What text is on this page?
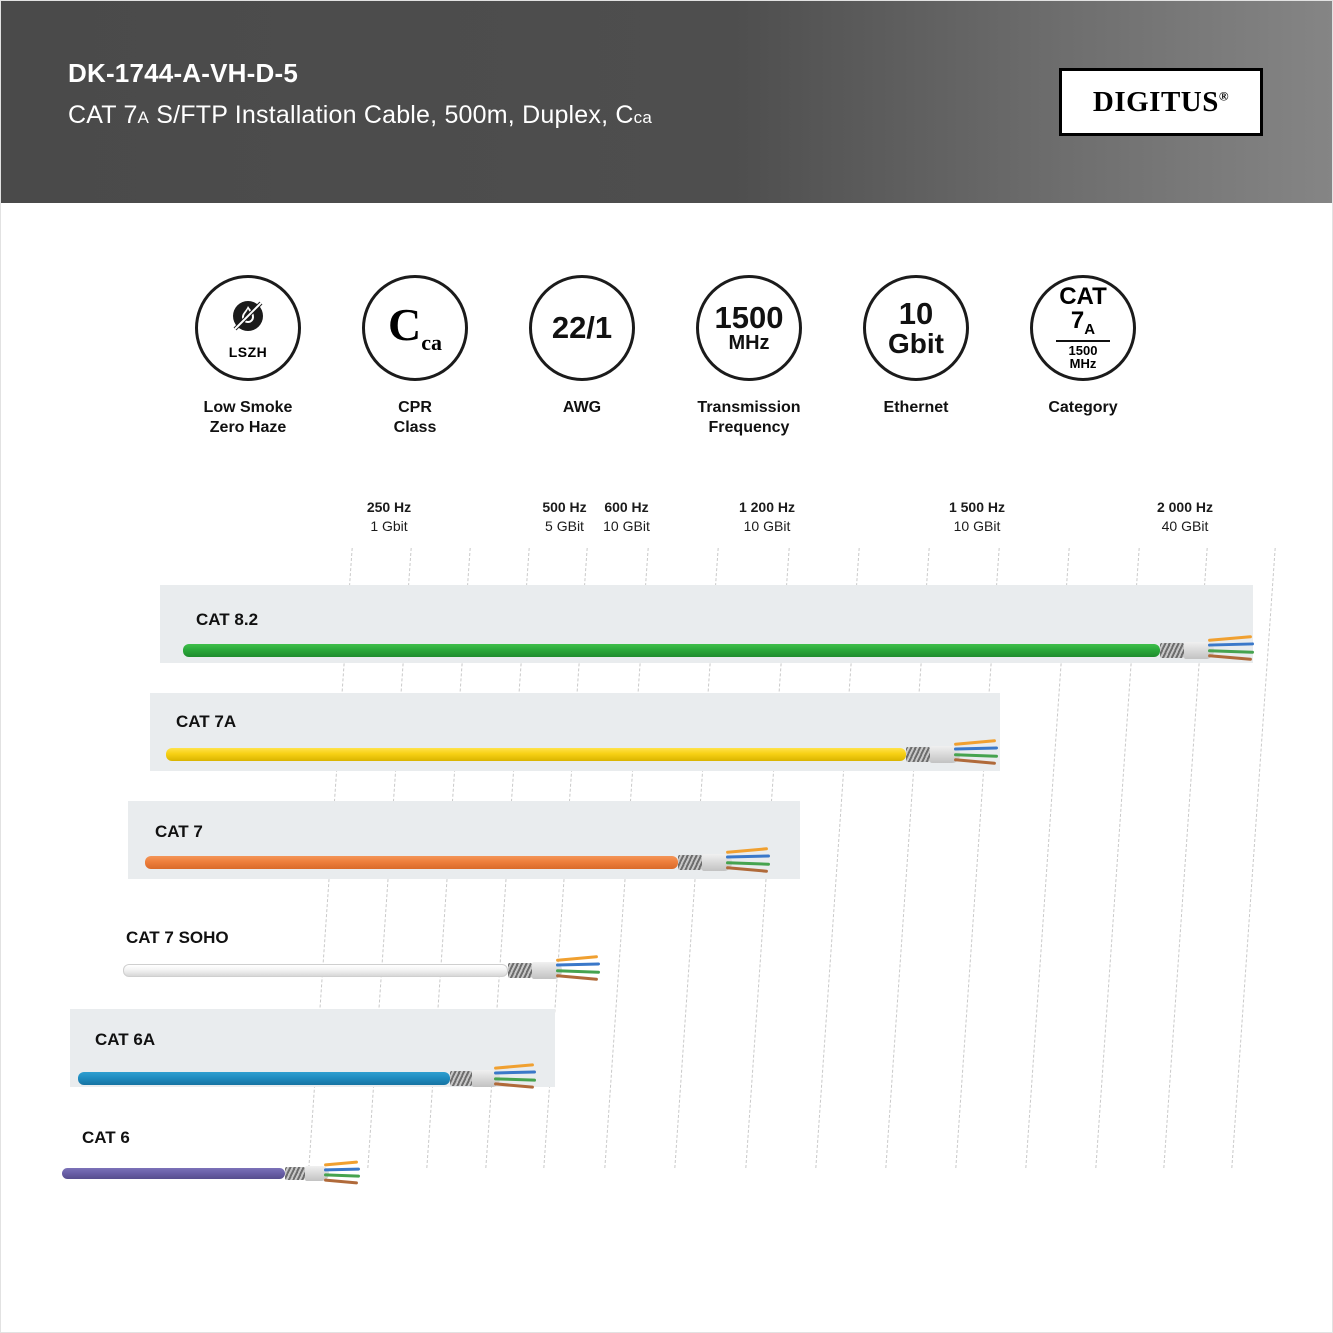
DK-1744-A-VH-D-5
CAT 7A S/FTP Installation Cable, 500m, Duplex, Cca	DIGITUS®
LSZH
Low Smoke
Zero Haze
$C_{ca}$
CPR
Class
22/1
AWG
1500
MHz
Transmission
Frequency
10
Gbit
Ethernet
CAT
$7_A$
1500
MHz
Category
250 Hz
1 Gbit
500 Hz
5 GBit
600 Hz
10 GBit
1 200 Hz
10 GBit
1 500 Hz
10 GBit
2 000 Hz
40 GBit
CAT 8.2
CAT 7A
CAT 7
CAT 7 SOHO
CAT 6A
CAT 6
